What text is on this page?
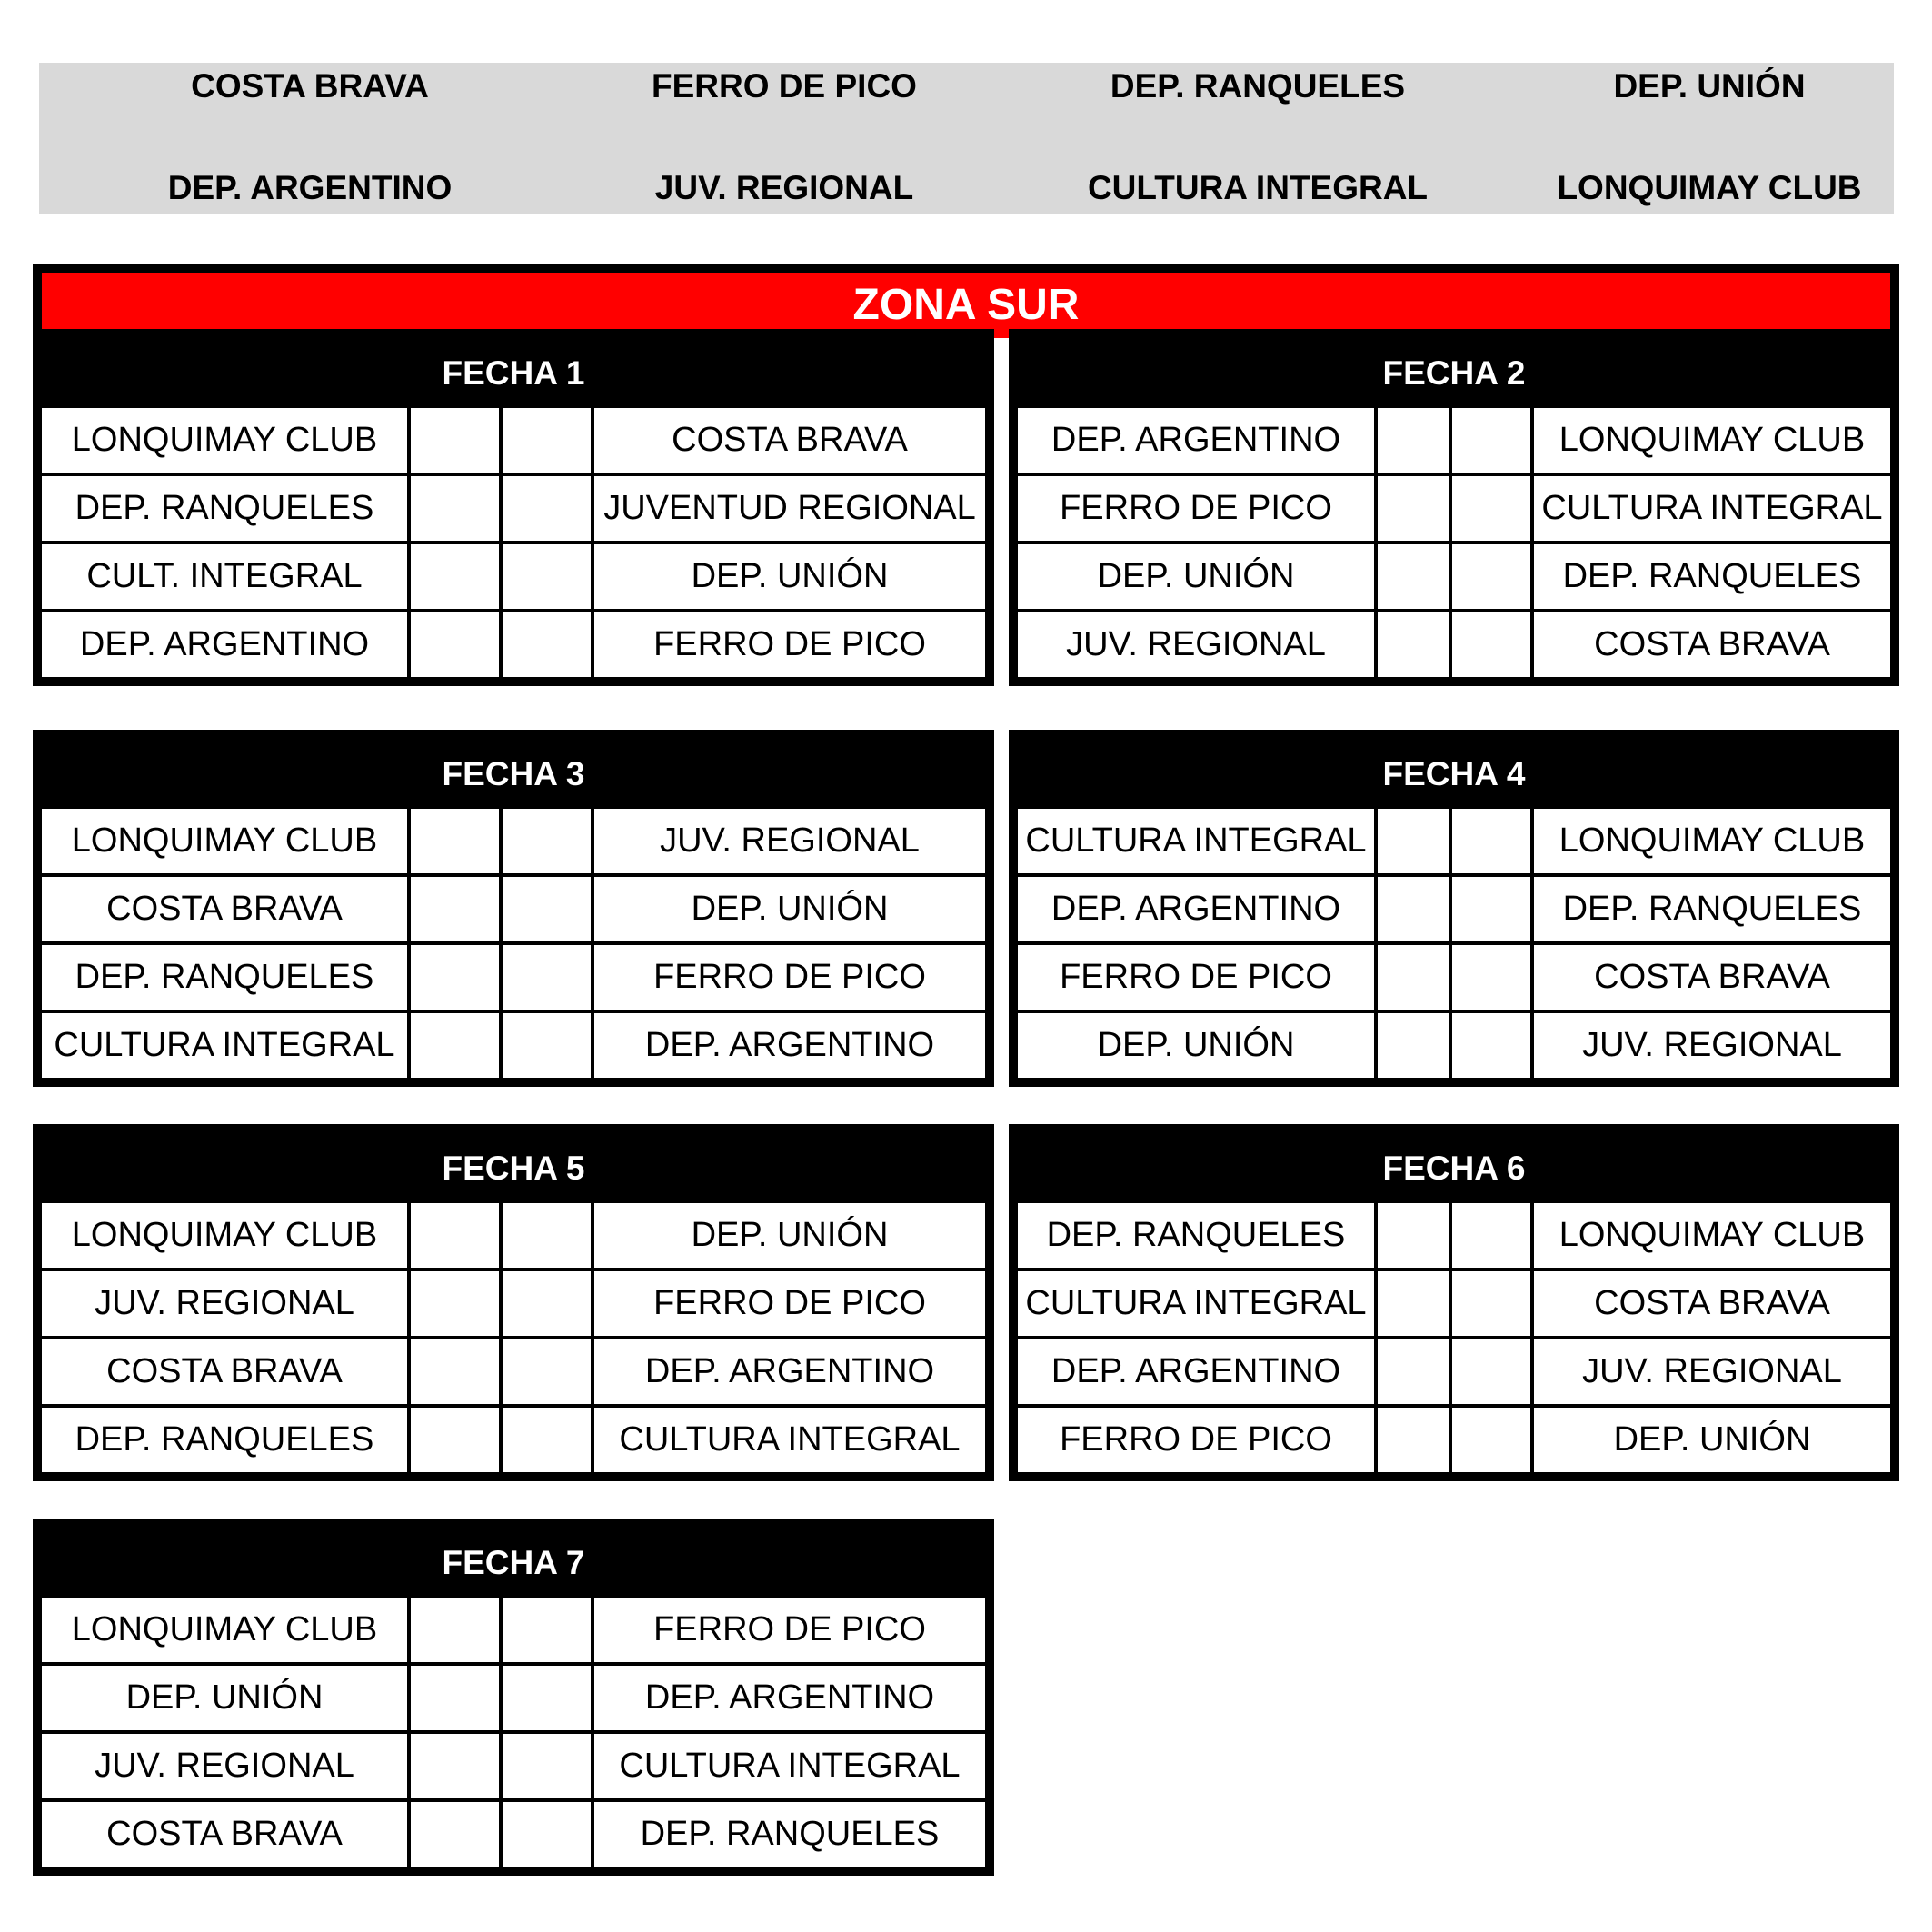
COSTA BRAVA	FERRO DE PICO	DEP. RANQUELES	DEP. UNIÓN
DEP. ARGENTINO	JUV. REGIONAL	CULTURA INTEGRAL	LONQUIMAY CLUB
ZONA SUR
FECHA 1
LONQUIMAY CLUB	COSTA BRAVA
DEP. RANQUELES	JUVENTUD REGIONAL
CULT. INTEGRAL	DEP. UNIÓN
DEP. ARGENTINO	FERRO DE PICO
FECHA 2
DEP. ARGENTINO	LONQUIMAY CLUB
FERRO DE PICO	CULTURA INTEGRAL
DEP. UNIÓN	DEP. RANQUELES
JUV. REGIONAL	COSTA BRAVA
FECHA 3
LONQUIMAY CLUB	JUV. REGIONAL
COSTA BRAVA	DEP. UNIÓN
DEP. RANQUELES	FERRO DE PICO
CULTURA INTEGRAL	DEP. ARGENTINO
FECHA 4
CULTURA INTEGRAL	LONQUIMAY CLUB
DEP. ARGENTINO	DEP. RANQUELES
FERRO DE PICO	COSTA BRAVA
DEP. UNIÓN	JUV. REGIONAL
FECHA 5
LONQUIMAY CLUB	DEP. UNIÓN
JUV. REGIONAL	FERRO DE PICO
COSTA BRAVA	DEP. ARGENTINO
DEP. RANQUELES	CULTURA INTEGRAL
FECHA 6
DEP. RANQUELES	LONQUIMAY CLUB
CULTURA INTEGRAL	COSTA BRAVA
DEP. ARGENTINO	JUV. REGIONAL
FERRO DE PICO	DEP. UNIÓN
FECHA 7
LONQUIMAY CLUB	FERRO DE PICO
DEP. UNIÓN	DEP. ARGENTINO
JUV. REGIONAL	CULTURA INTEGRAL
COSTA BRAVA	DEP. RANQUELES
